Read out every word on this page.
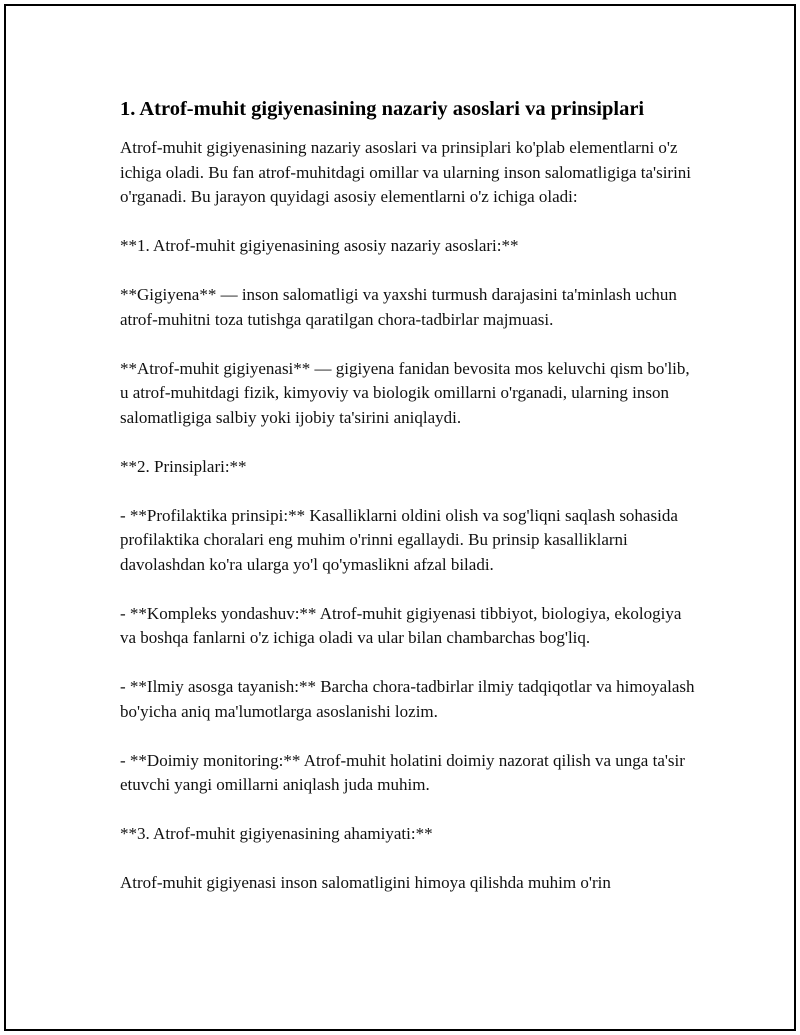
1. Atrof-muhit gigiyenasining nazariy asoslari va prinsiplari

Atrof-muhit gigiyenasining nazariy asoslari va prinsiplari ko'plab elementlarni o'z ichiga oladi. Bu fan atrof-muhitdagi omillar va ularning inson salomatligiga ta'sirini o'rganadi. Bu jarayon quyidagi asosiy elementlarni o'z ichiga oladi:

**1. Atrof-muhit gigiyenasining asosiy nazariy asoslari:**

**Gigiyena** — inson salomatligi va yaxshi turmush darajasini ta'minlash uchun atrof-muhitni toza tutishga qaratilgan chora-tadbirlar majmuasi.

**Atrof-muhit gigiyenasi** — gigiyena fanidan bevosita mos keluvchi qism bo'lib, u atrof-muhitdagi fizik, kimyoviy va biologik omillarni o'rganadi, ularning inson salomatligiga salbiy yoki ijobiy ta'sirini aniqlaydi.

**2. Prinsiplari:**

- **Profilaktika prinsipi:** Kasalliklarni oldini olish va sog'liqni saqlash sohasida profilaktika choralari eng muhim o'rinni egallaydi. Bu prinsip kasalliklarni davolashdan ko'ra ularga yo'l qo'ymaslikni afzal biladi.

- **Kompleks yondashuv:** Atrof-muhit gigiyenasi tibbiyot, biologiya, ekologiya va boshqa fanlarni o'z ichiga oladi va ular bilan chambarchas bog'liq.

- **Ilmiy asosga tayanish:** Barcha chora-tadbirlar ilmiy tadqiqotlar va himoyalash bo'yicha aniq ma'lumotlarga asoslanishi lozim.

- **Doimiy monitoring:** Atrof-muhit holatini doimiy nazorat qilish va unga ta'sir etuvchi yangi omillarni aniqlash juda muhim.

**3. Atrof-muhit gigiyenasining ahamiyati:**

Atrof-muhit gigiyenasi inson salomatligini himoya qilishda muhim o'rin
